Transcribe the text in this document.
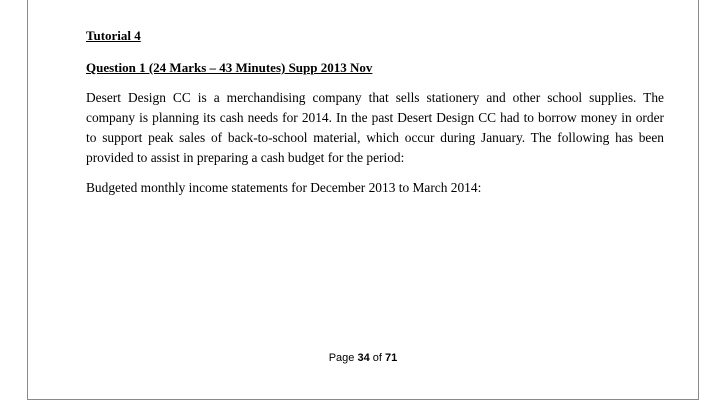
Tutorial 4

Question 1 (24 Marks – 43 Minutes) Supp 2013 Nov

Desert Design CC is a merchandising company that sells stationery and other school supplies. The company is planning its cash needs for 2014. In the past Desert Design CC had to borrow money in order to support peak sales of back-to-school material, which occur during January. The following has been provided to assist in preparing a cash budget for the period:

Budgeted monthly income statements for December 2013 to March 2014:

Page 34 of 71
